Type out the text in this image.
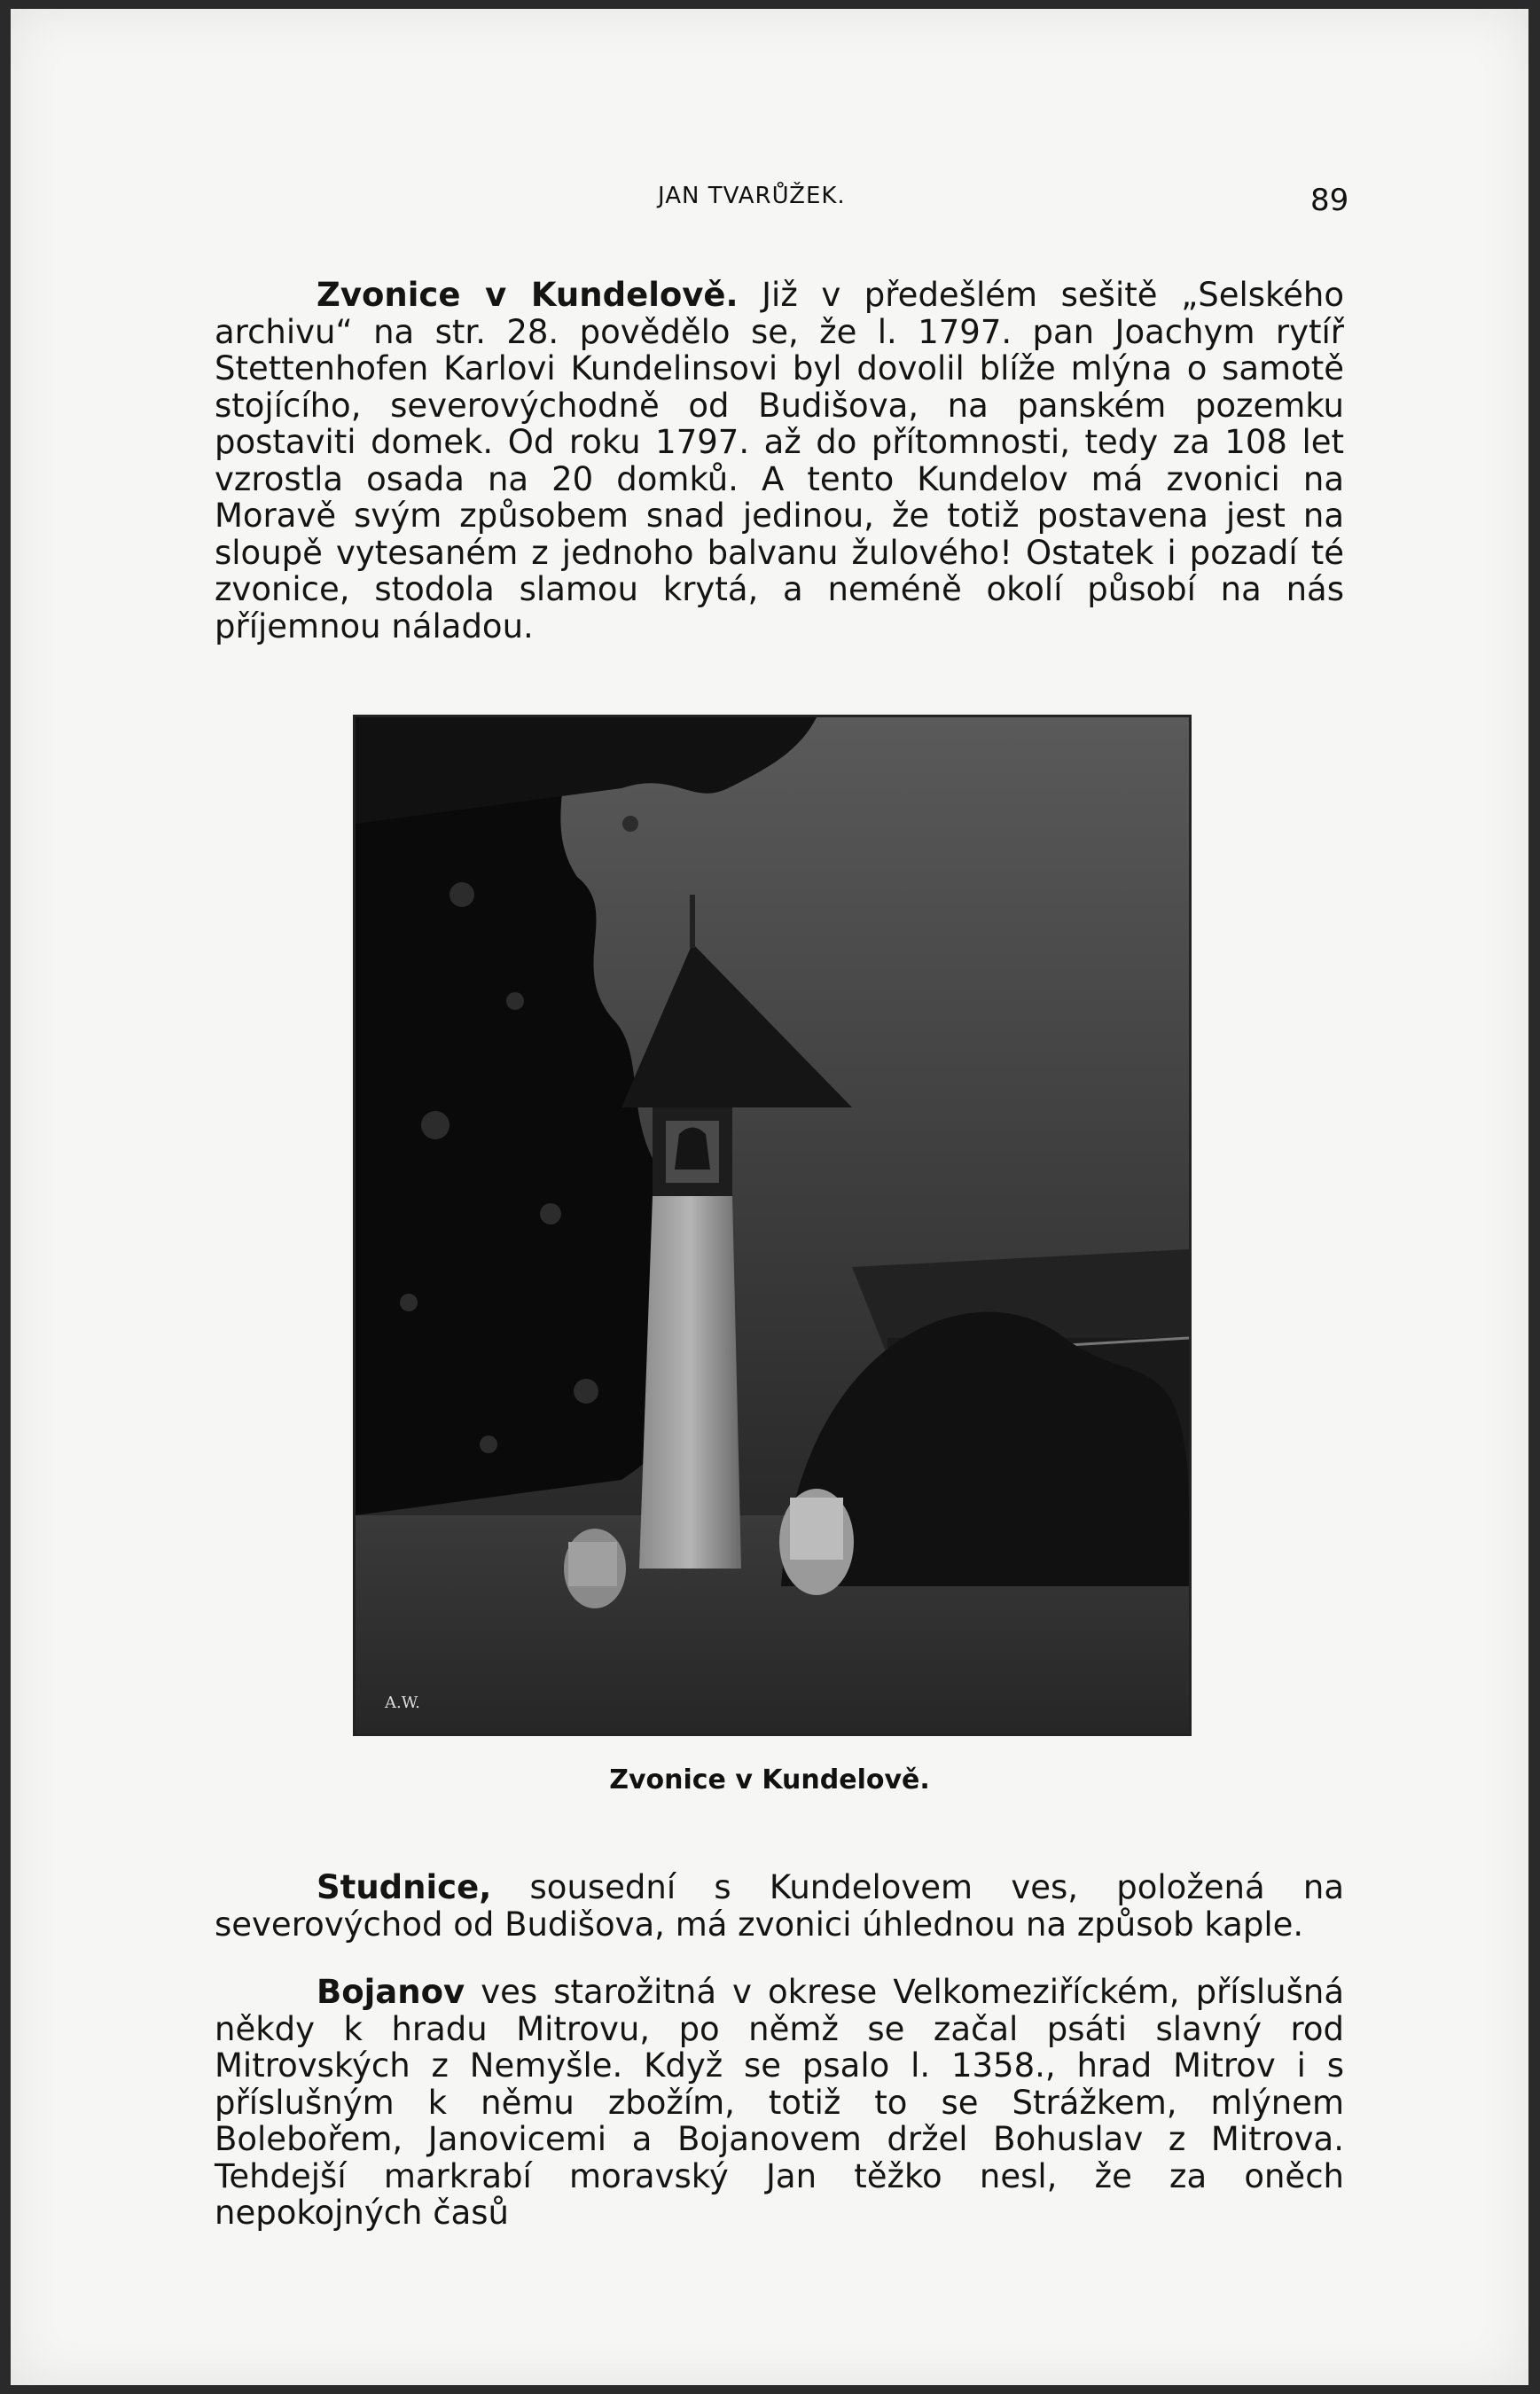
JAN TVARŮŽEK.	89

Zvonice v Kundelově. Již v předešlém sešitě „Selského archivu“ na str. 28. povědělo se, že l. 1797. pan Joachym rytíř Stettenhofen Karlovi Kundelinsovi byl dovolil blíže mlýna o samotě stojícího, severovýchodně od Budišova, na panském pozemku postaviti domek. Od roku 1797. až do přítomnosti, tedy za 108 let vzrostla osada na 20 domků. A tento Kundelov má zvonici na Moravě svým způsobem snad jedinou, že totiž postavena jest na sloupě vytesaném z jednoho balvanu žulového! Ostatek i pozadí té zvonice, stodola slamou krytá, a neméně okolí působí na nás příjemnou náladou.

A.W.
Zvonice v Kundelově.

Studnice, sousední s Kundelovem ves, položená na severovýchod od Budišova, má zvonici úhlednou na způsob kaple.

Bojanov ves starožitná v okrese Velkomeziříckém, příslušná někdy k hradu Mitrovu, po němž se začal psáti slavný rod Mitrovských z Nemyšle. Když se psalo l. 1358., hrad Mitrov i s příslušným k němu zbožím, totiž to se Strážkem, mlýnem Bolebořem, Janovicemi a Bojanovem držel Bohuslav z Mitrova. Tehdejší markrabí moravský Jan těžko nesl, že za oněch nepokojných časů
